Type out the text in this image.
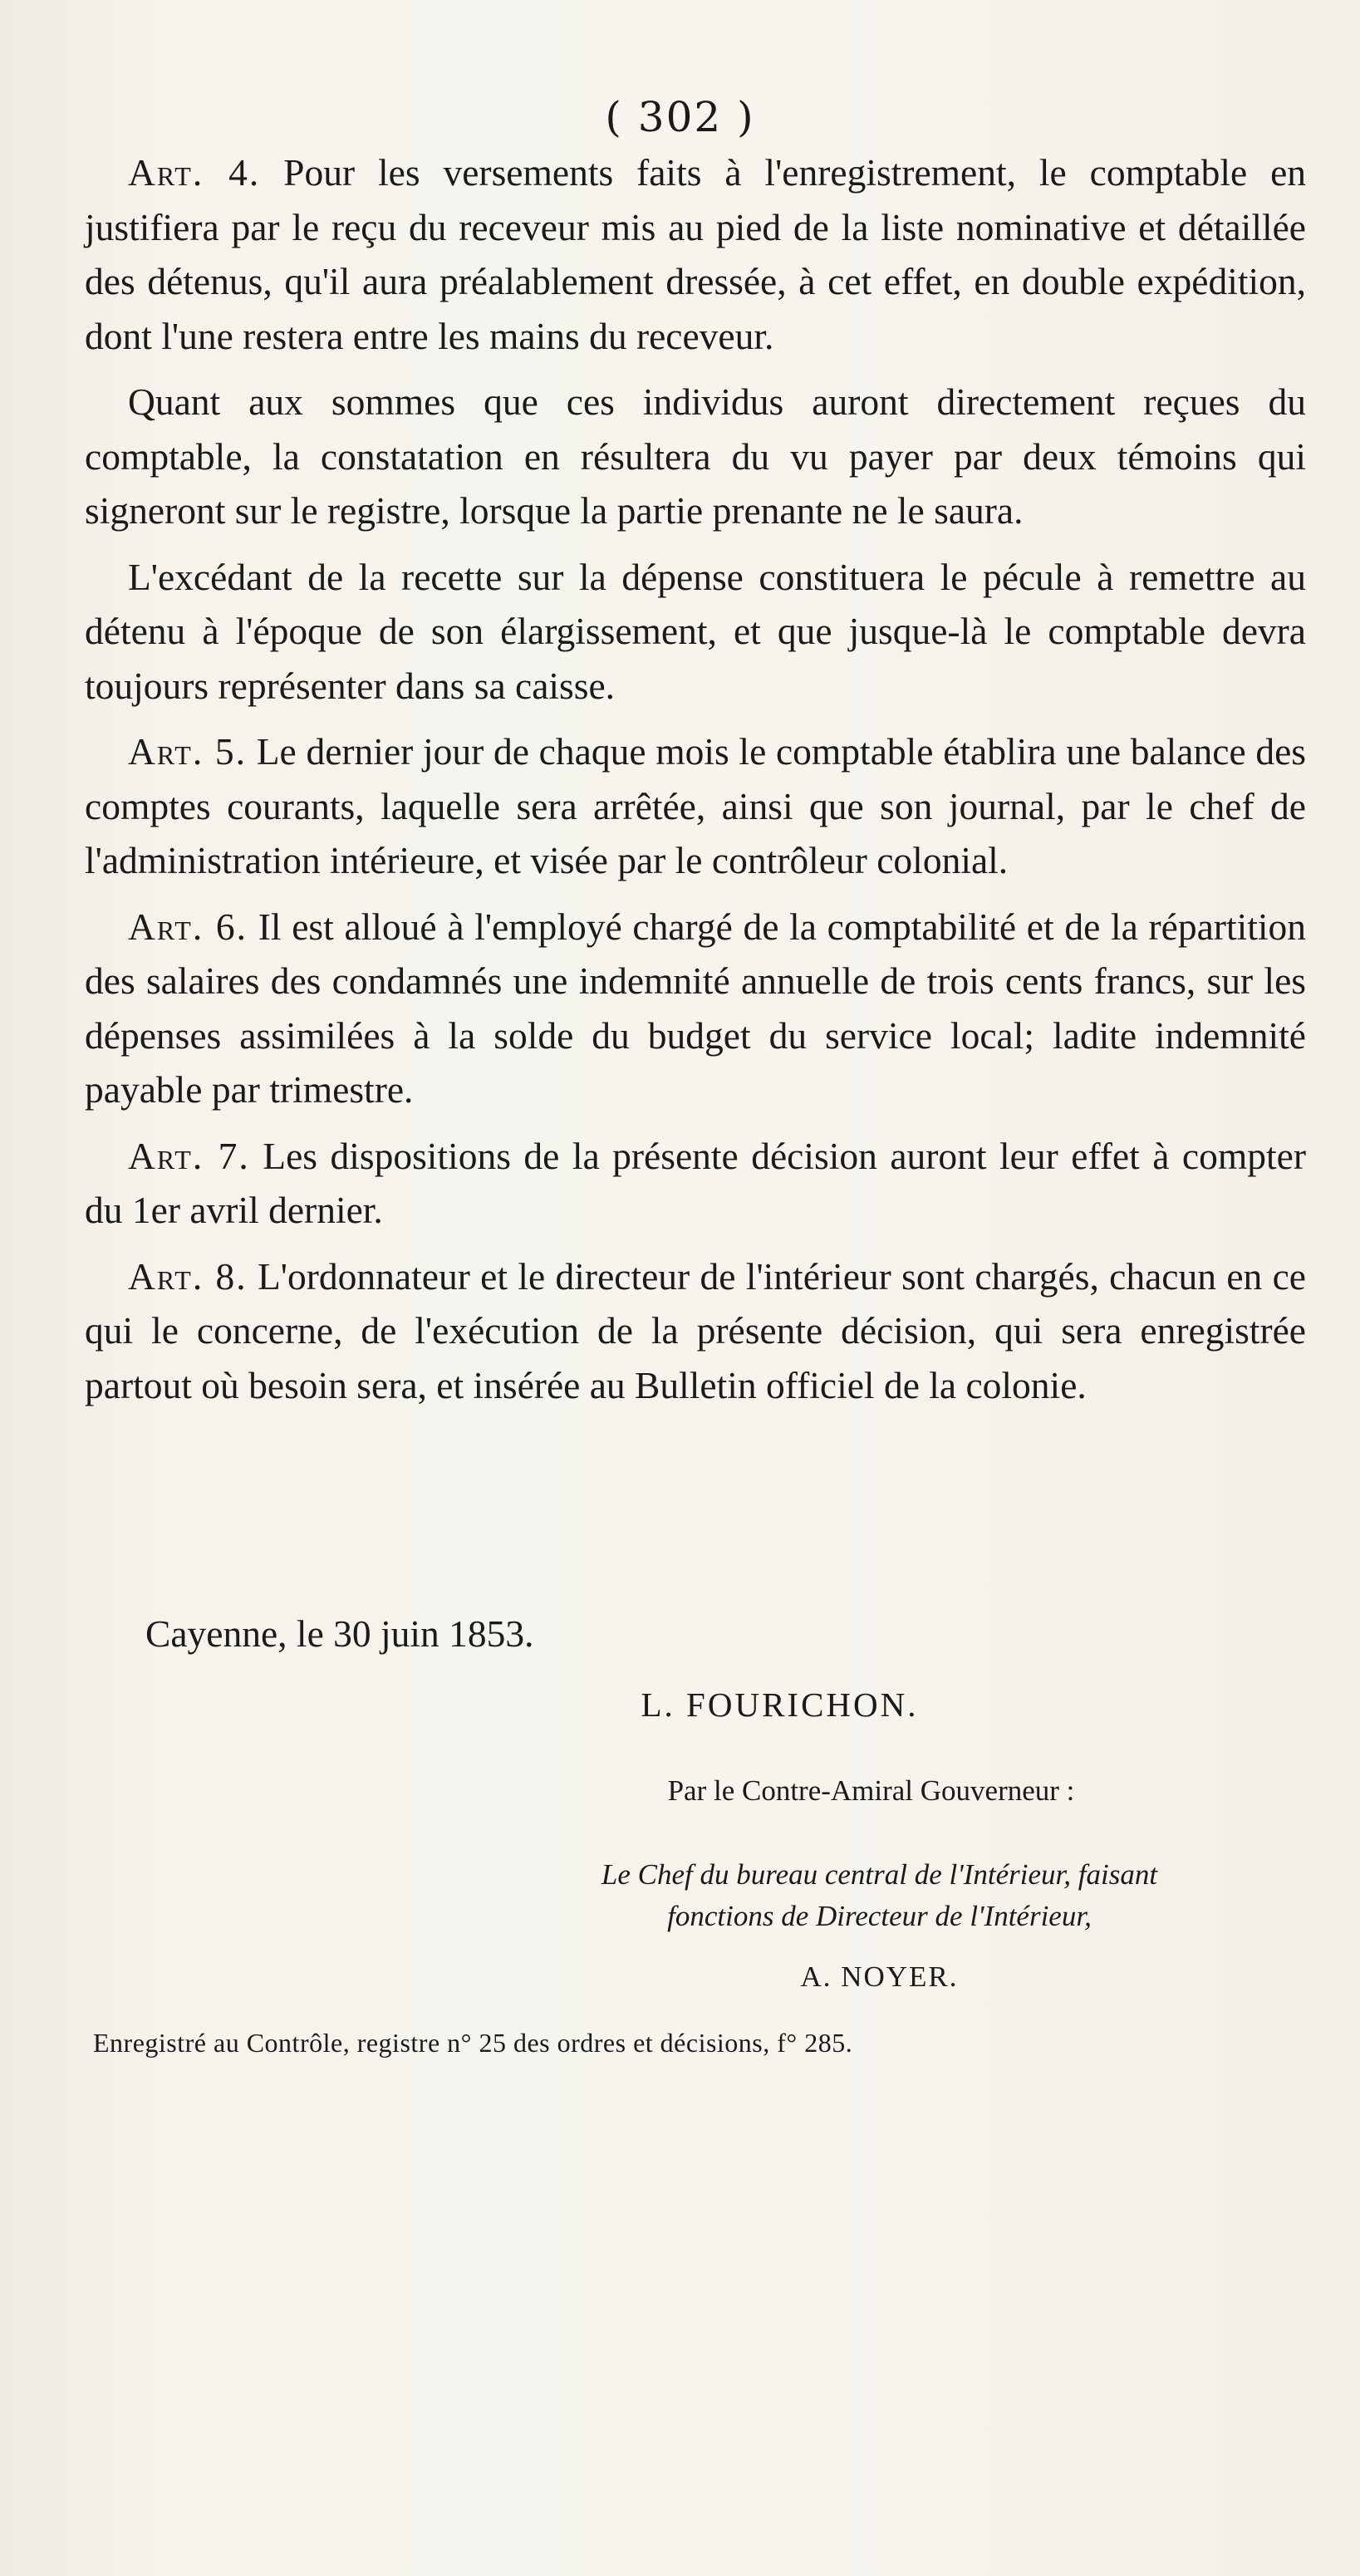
( 302 )

Art. 4. Pour les versements faits à l'enregistrement, le comptable en justifiera par le reçu du receveur mis au pied de la liste nominative et détaillée des détenus, qu'il aura préalablement dressée, à cet effet, en double expédition, dont l'une restera entre les mains du receveur.

Quant aux sommes que ces individus auront directement reçues du comptable, la constatation en résultera du vu payer par deux témoins qui signeront sur le registre, lorsque la partie prenante ne le saura.

L'excédant de la recette sur la dépense constituera le pécule à remettre au détenu à l'époque de son élargissement, et que jusque-là le comptable devra toujours représenter dans sa caisse.

Art. 5. Le dernier jour de chaque mois le comptable établira une balance des comptes courants, laquelle sera arrêtée, ainsi que son journal, par le chef de l'administration intérieure, et visée par le contrôleur colonial.

Art. 6. Il est alloué à l'employé chargé de la comptabilité et de la répartition des salaires des condamnés une indemnité annuelle de trois cents francs, sur les dépenses assimilées à la solde du budget du service local; ladite indemnité payable par trimestre.

Art. 7. Les dispositions de la présente décision auront leur effet à compter du 1er avril dernier.

Art. 8. L'ordonnateur et le directeur de l'intérieur sont chargés, chacun en ce qui le concerne, de l'exécution de la présente décision, qui sera enregistrée partout où besoin sera, et insérée au Bulletin officiel de la colonie.

Cayenne, le 30 juin 1853.
L. FOURICHON.
Par le Contre-Amiral Gouverneur :
Le Chef du bureau central de l'Intérieur, faisant
fonctions de Directeur de l'Intérieur,
A. NOYER.
Enregistré au Contrôle, registre n° 25 des ordres et décisions, f° 285.
